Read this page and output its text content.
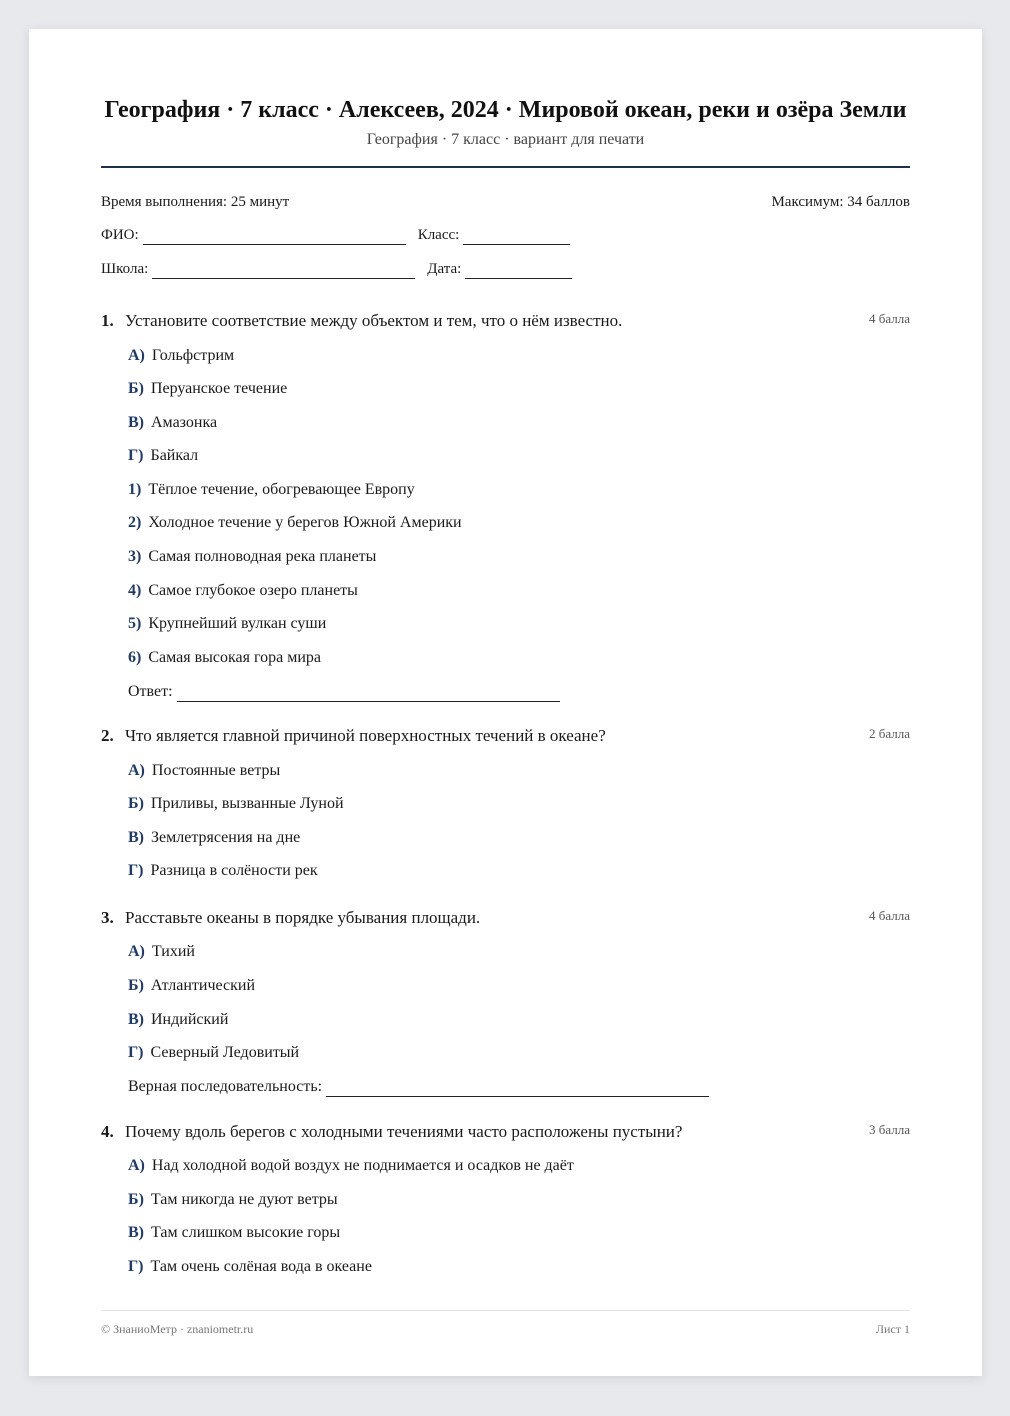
География · 7 класс · Алексеев, 2024 · Мировой океан, реки и озёра Земли
География · 7 класс · вариант для печати
Время выполнения: 25 минут	Максимум: 34 баллов
ФИО:	Класс:
Школа:	Дата:
1. Установите соответствие между объектом и тем, что о нём известно.	4 балла
А) Гольфстрим
Б) Перуанское течение
В) Амазонка
Г) Байкал
1) Тёплое течение, обогревающее Европу
2) Холодное течение у берегов Южной Америки
3) Самая полноводная река планеты
4) Самое глубокое озеро планеты
5) Крупнейший вулкан суши
6) Самая высокая гора мира
Ответ:
2. Что является главной причиной поверхностных течений в океане?	2 балла
А) Постоянные ветры
Б) Приливы, вызванные Луной
В) Землетрясения на дне
Г) Разница в солёности рек
3. Расставьте океаны в порядке убывания площади.	4 балла
А) Тихий
Б) Атлантический
В) Индийский
Г) Северный Ледовитый
Верная последовательность:
4. Почему вдоль берегов с холодными течениями часто расположены пустыни?	3 балла
А) Над холодной водой воздух не поднимается и осадков не даёт
Б) Там никогда не дуют ветры
В) Там слишком высокие горы
Г) Там очень солёная вода в океане
© ЗнаниоМетр · znaniometr.ru	Лист 1
